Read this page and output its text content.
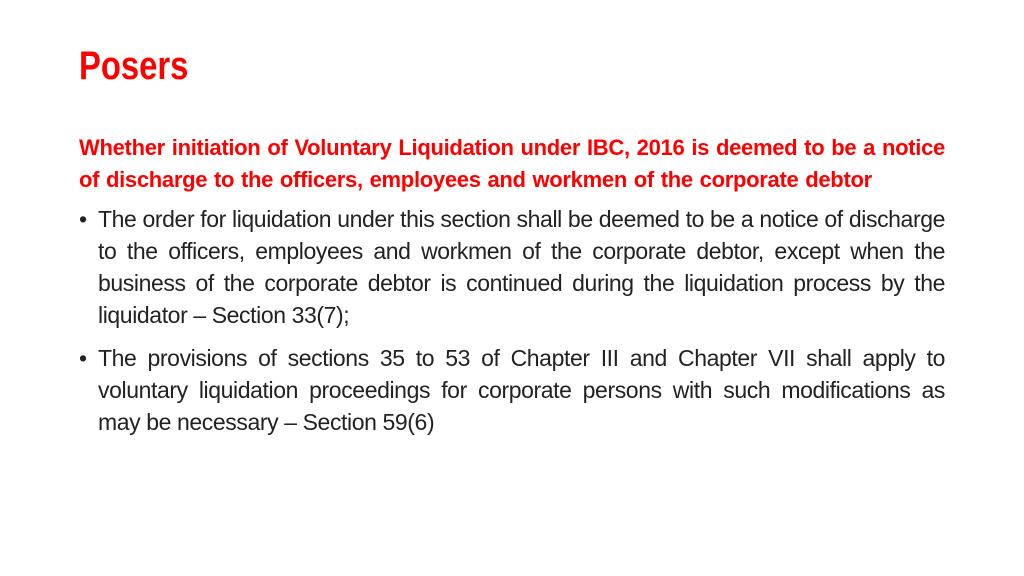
Posers

Whether initiation of Voluntary Liquidation under IBC, 2016 is deemed to be a notice of discharge to the officers, employees and workmen of the corporate debtor

• The order for liquidation under this section shall be deemed to be a notice of discharge to the officers, employees and workmen of the corporate debtor, except when the business of the corporate debtor is continued during the liquidation process by the liquidator – Section 33(7);
• The provisions of sections 35 to 53 of Chapter III and Chapter VII shall apply to voluntary liquidation proceedings for corporate persons with such modifications as may be necessary – Section 59(6)
